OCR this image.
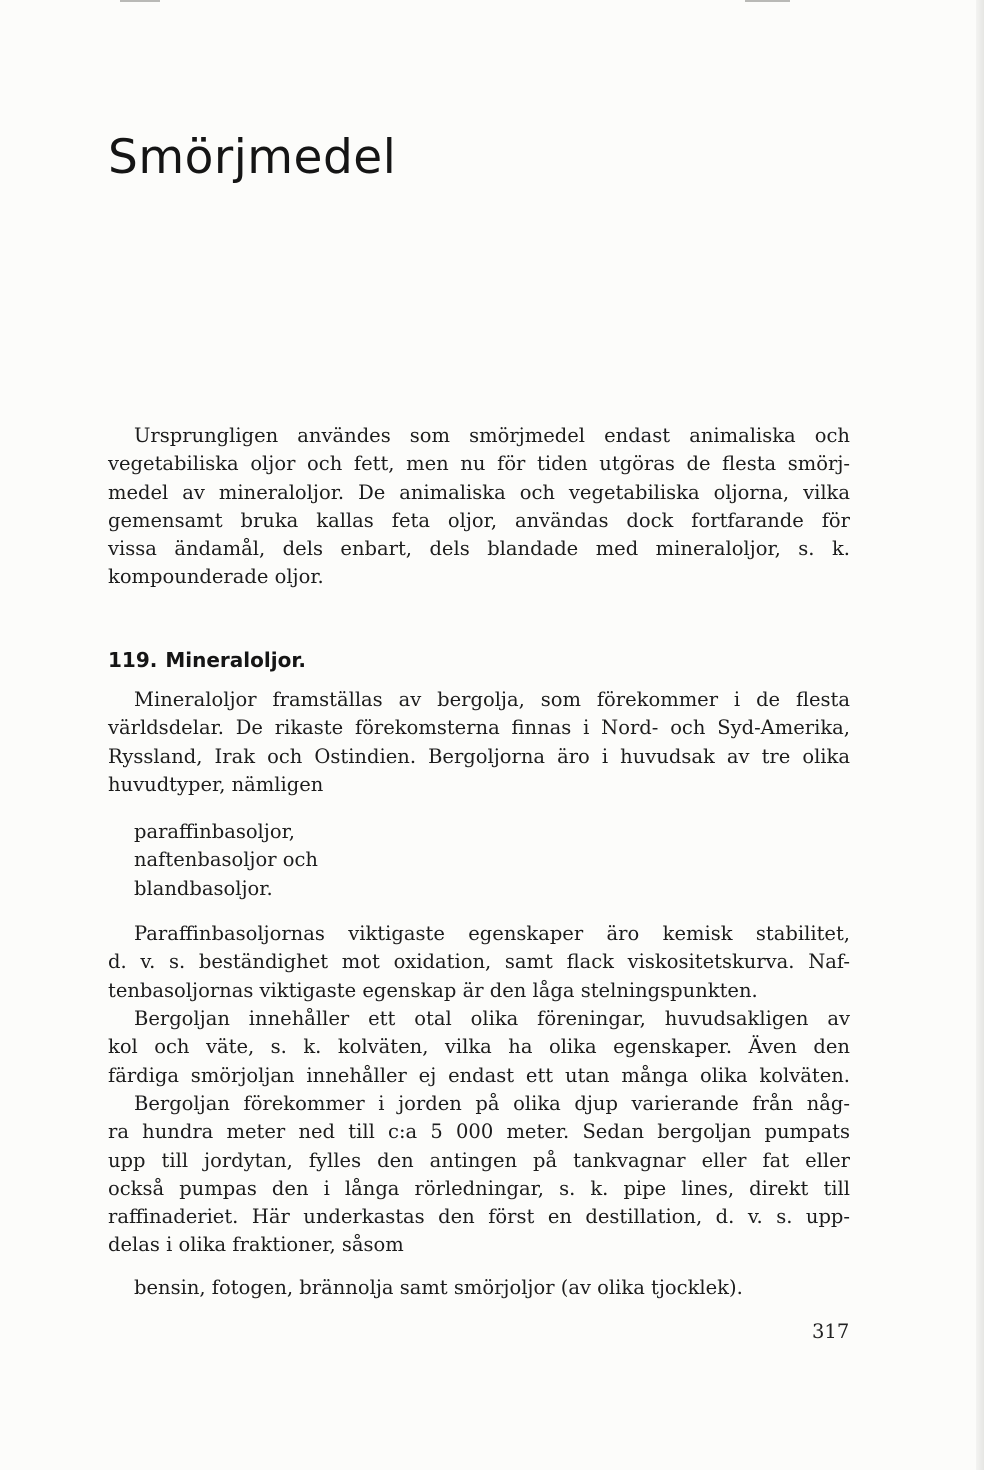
Smörjmedel
Ursprungligen användes som smörjmedel endast animaliska och
vegetabiliska oljor och fett, men nu för tiden utgöras de flesta smörj-
medel av mineraloljor. De animaliska och vegetabiliska oljorna, vilka
gemensamt bruka kallas feta oljor, användas dock fortfarande för
vissa ändamål, dels enbart, dels blandade med mineraloljor, s. k.
kompounderade oljor.
119. Mineraloljor.
Mineraloljor framställas av bergolja, som förekommer i de flesta
världsdelar. De rikaste förekomsterna finnas i Nord- och Syd-Amerika,
Ryssland, Irak och Ostindien. Bergoljorna äro i huvudsak av tre olika
huvudtyper, nämligen
paraffinbasoljor,
naftenbasoljor och
blandbasoljor.
Paraffinbasoljornas viktigaste egenskaper äro kemisk stabilitet,
d. v. s. beständighet mot oxidation, samt flack viskositetskurva. Naf-
tenbasoljornas viktigaste egenskap är den låga stelningspunkten.
Bergoljan innehåller ett otal olika föreningar, huvudsakligen av
kol och väte, s. k. kolväten, vilka ha olika egenskaper. Även den
färdiga smörjoljan innehåller ej endast ett utan många olika kolväten.
Bergoljan förekommer i jorden på olika djup varierande från någ-
ra hundra meter ned till c:a 5 000 meter. Sedan bergoljan pumpats
upp till jordytan, fylles den antingen på tankvagnar eller fat eller
också pumpas den i långa rörledningar, s. k. pipe lines, direkt till
raffinaderiet. Här underkastas den först en destillation, d. v. s. upp-
delas i olika fraktioner, såsom
bensin, fotogen, brännolja samt smörjoljor (av olika tjocklek).
317
